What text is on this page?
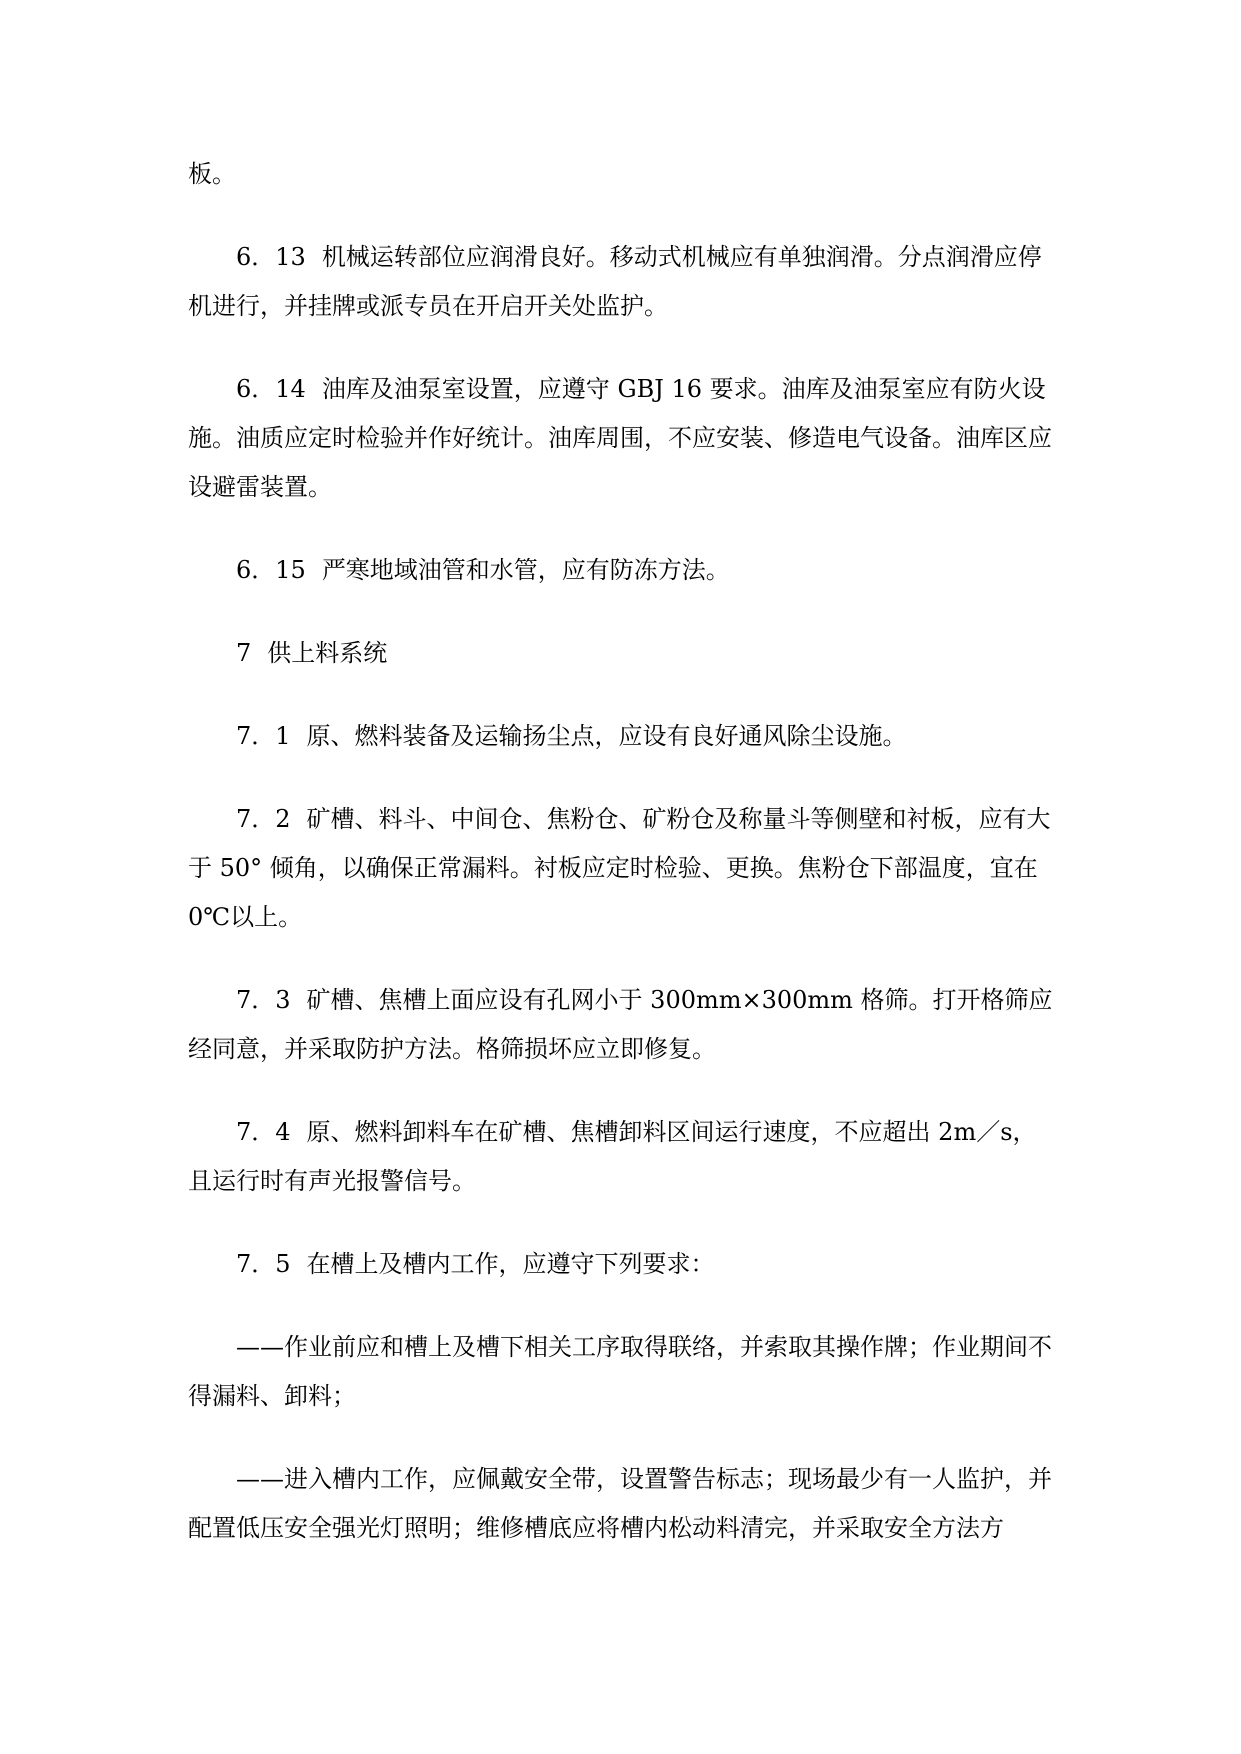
板。

6．13 机械运转部位应润滑良好。移动式机械应有单独润滑。分点润滑应停机进行，并挂牌或派专员在开启开关处监护。

6．14 油库及油泵室设置，应遵守 GBJ 16 要求。油库及油泵室应有防火设施。油质应定时检验并作好统计。油库周围，不应安装、修造电气设备。油库区应设避雷装置。

6．15 严寒地域油管和水管，应有防冻方法。

7 供上料系统

7．1 原、燃料装备及运输扬尘点，应设有良好通风除尘设施。

7．2 矿槽、料斗、中间仓、焦粉仓、矿粉仓及称量斗等侧壁和衬板，应有大于 50° 倾角，以确保正常漏料。衬板应定时检验、更换。焦粉仓下部温度，宜在 0℃以上。

7．3 矿槽、焦槽上面应设有孔网小于 300mm×300mm 格筛。打开格筛应经同意，并采取防护方法。格筛损坏应立即修复。

7．4 原、燃料卸料车在矿槽、焦槽卸料区间运行速度，不应超出 2m／s，且运行时有声光报警信号。

7．5 在槽上及槽内工作，应遵守下列要求：

——作业前应和槽上及槽下相关工序取得联络，并索取其操作牌；作业期间不得漏料、卸料；

——进入槽内工作，应佩戴安全带，设置警告标志；现场最少有一人监护，并配置低压安全强光灯照明；维修槽底应将槽内松动料清完，并采取安全方法方
